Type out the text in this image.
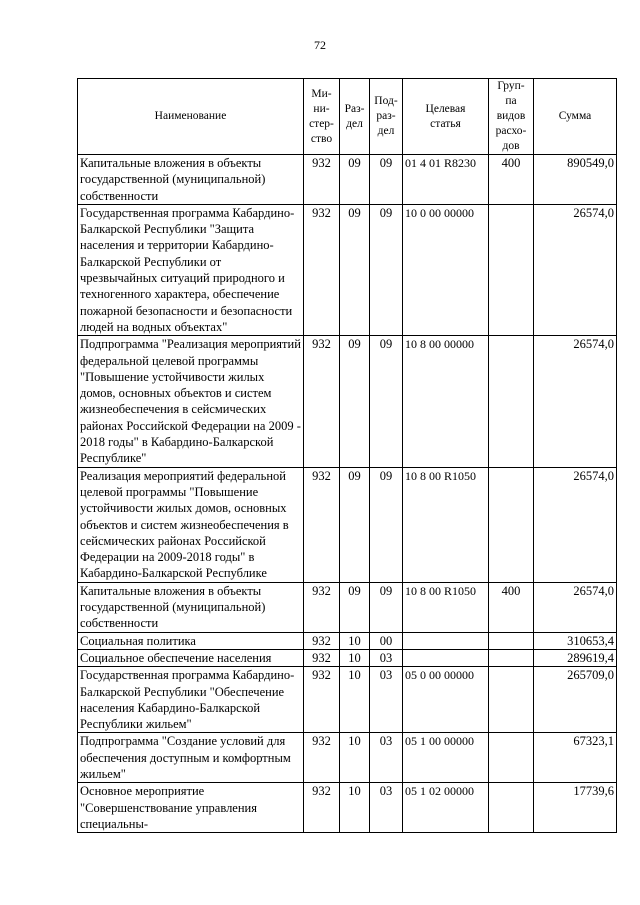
72
Наименование	Ми-
ни-
стер-
ство	Раз-
дел	Под-
раз-
дел	Целевая
статья	Груп-
па
видов
расхо-
дов	Сумма
Капитальные вложения в объекты государственной (муниципальной) собственности	932	09	09	01 4 01 R8230	400	890549,0
Государственная программа Кабардино-Балкарской Республики "Защита населения и территории Кабардино-Балкарской Республики от чрезвычайных ситуаций природного и техногенного характера, обеспечение пожарной безопасности и безопасности людей на водных объектах"	932	09	09	10 0 00 00000		26574,0
Подпрограмма "Реализация мероприятий федеральной целевой программы "Повышение устойчивости жилых домов, основных объектов и систем жизнеобеспечения в сейсмических районах Российской Федерации на 2009 - 2018 годы" в Кабардино-Балкарской Республике"	932	09	09	10 8 00 00000		26574,0
Реализация мероприятий федеральной целевой программы "Повышение устойчивости жилых домов, основных объектов и систем жизнеобеспечения в сейсмических районах Российской Федерации на 2009-2018 годы" в Кабардино-Балкарской Республике	932	09	09	10 8 00 R1050		26574,0
Капитальные вложения в объекты государственной (муниципальной) собственности	932	09	09	10 8 00 R1050	400	26574,0
Социальная политика	932	10	00			310653,4
Социальное обеспечение населения	932	10	03			289619,4
Государственная программа Кабардино-Балкарской Республики "Обеспечение населения Кабардино-Балкарской Республики жильем"	932	10	03	05 0 00 00000		265709,0
Подпрограмма "Создание условий для обеспечения доступным и комфортным жильем"	932	10	03	05 1 00 00000		67323,1
Основное мероприятие "Совершенствование управления специальны-	932	10	03	05 1 02 00000		17739,6
